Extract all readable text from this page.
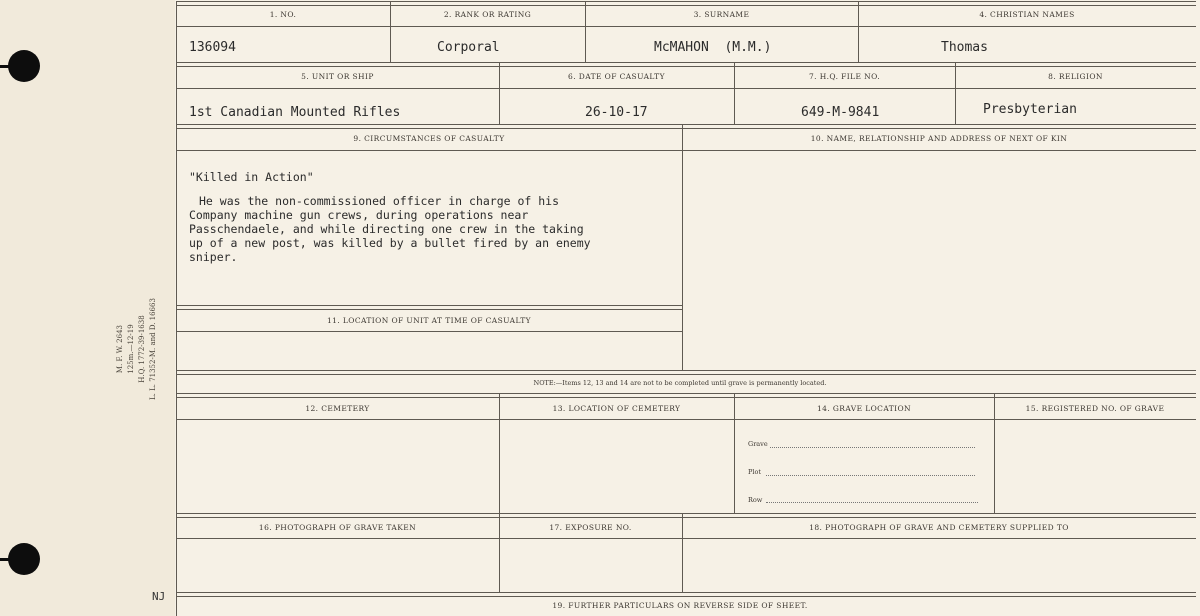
M. F. W. 2643 125m.—12-19 H.Q. 1772-39-1638 L. L. 71352-M. and D. 16663
NJ
1. NO.	2. RANK OR RATING	3. SURNAME	4. CHRISTIAN NAMES
136094	Corporal	McMAHON  (M.M.)	Thomas
5. UNIT OR SHIP	6. DATE OF CASUALTY	7. H.Q. FILE NO.	8. RELIGION
1st Canadian Mounted Rifles	26-10-17	649-M-9841	Presbyterian
9. CIRCUMSTANCES OF CASUALTY	10. NAME, RELATIONSHIP AND ADDRESS OF NEXT OF KIN

"Killed in Action"

He was the non-commissioned officer in charge of his
Company machine gun crews, during operations near
Passchendaele, and while directing one crew in the taking
up of a new post, was killed by a bullet fired by an enemy
sniper.

11. LOCATION OF UNIT AT TIME OF CASUALTY
NOTE:—Items 12, 13 and 14 are not to be completed until grave is permanently located.
12. CEMETERY	13. LOCATION OF CEMETERY	14. GRAVE LOCATION	15. REGISTERED NO. OF GRAVE
Grave
Plot
Row
16. PHOTOGRAPH OF GRAVE TAKEN	17. EXPOSURE NO.	18. PHOTOGRAPH OF GRAVE AND CEMETERY SUPPLIED TO
19. FURTHER PARTICULARS ON REVERSE SIDE OF SHEET.
